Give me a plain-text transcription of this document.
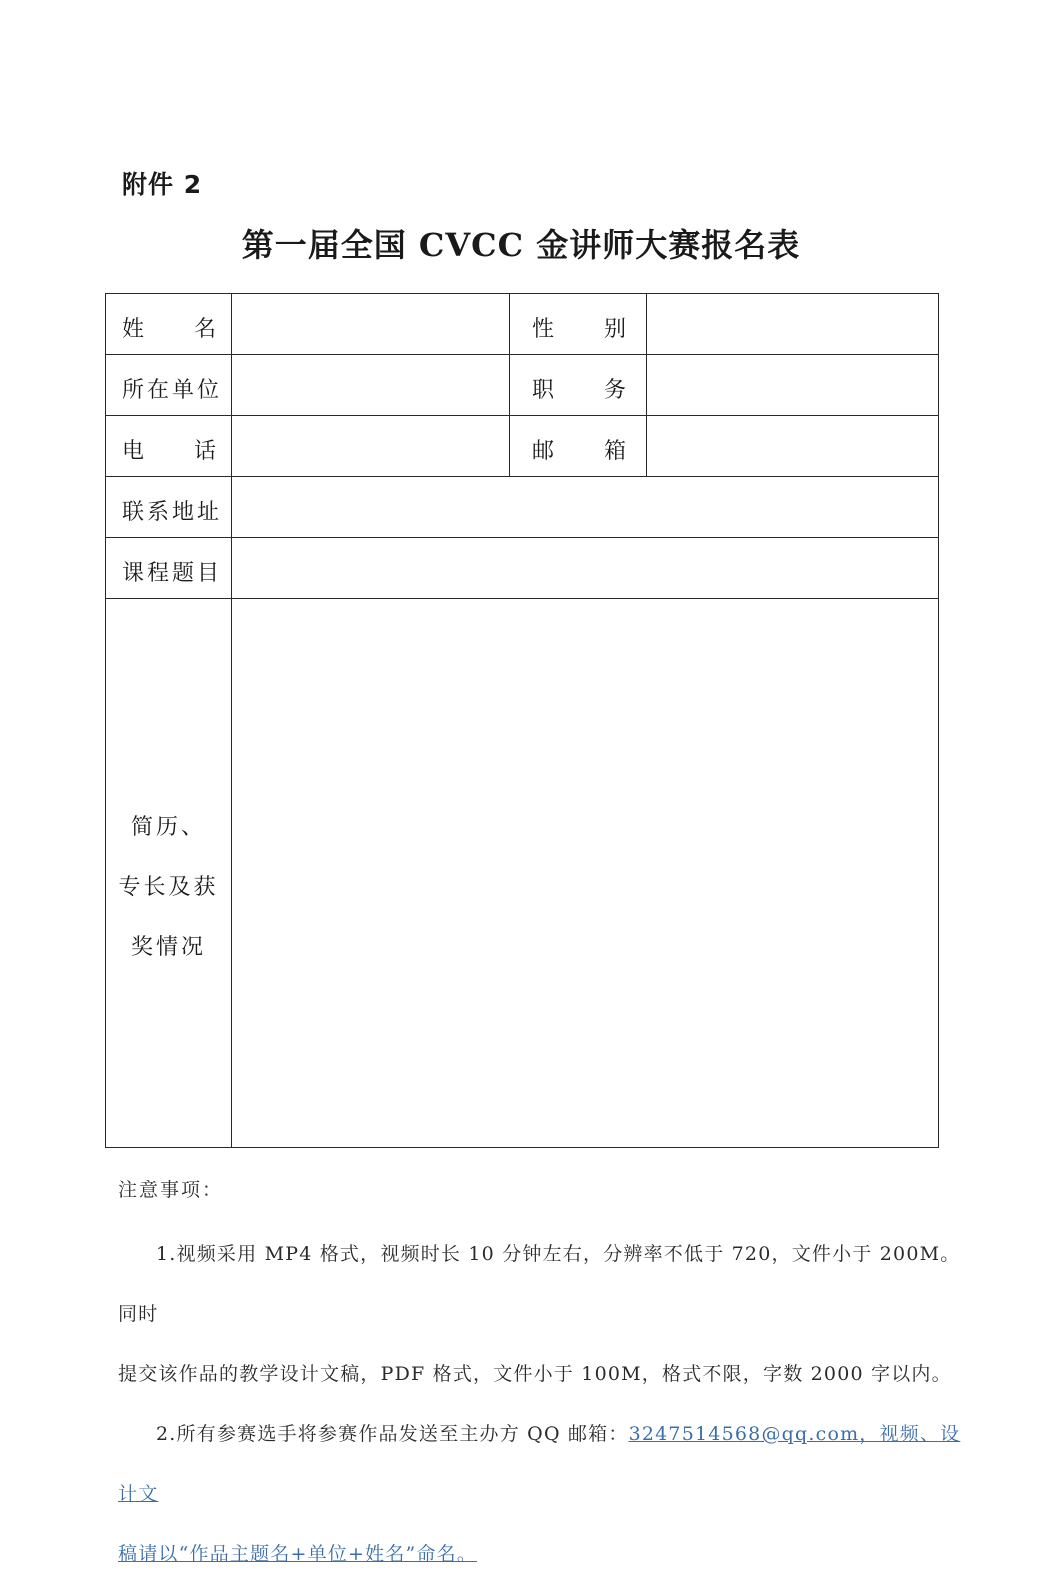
附件 2
第一届全国 CVCC 金讲师大赛报名表
姓 名		性 别	

所在单位		职 务	

电 话		邮 箱	

联系地址			
课程题目			

简历、
专长及获
奖情况			

注意事项：

1.视频采用 MP4 格式，视频时长 10 分钟左右，分辨率不低于 720，文件小于 200M。同时

提交该作品的教学设计文稿，PDF 格式，文件小于 100M，格式不限，字数 2000 字以内。

2.所有参赛选手将参赛作品发送至主办方 QQ 邮箱：3247514568@qq.com，视频、设计文

稿请以“作品主题名+单位+姓名”命名。
